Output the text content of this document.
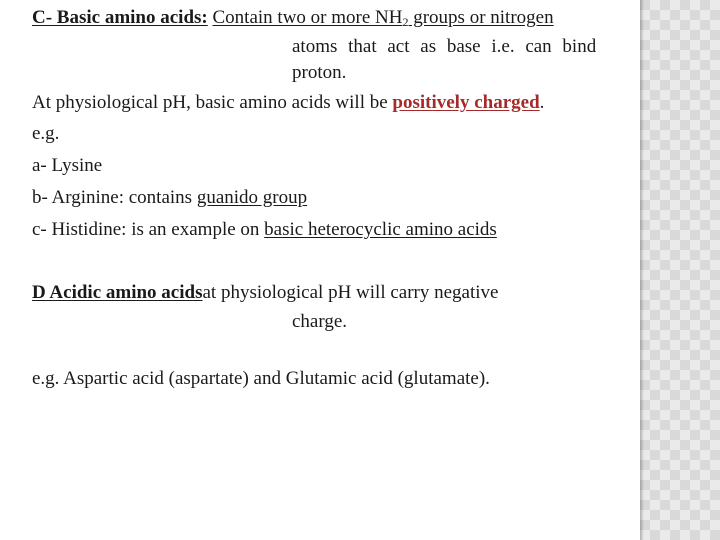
C- Basic amino acids: Contain two or more $NH_2$ groups or nitrogen
atoms that act as base i.e. can bind
proton.
At physiological pH, basic amino acids will be positively charged.
e.g.
a- Lysine
b- Arginine: contains guanido group
c- Histidine: is an example on basic heterocyclic amino acids
D Acidic amino acidsat physiological pH will carry negative
charge.
e.g. Aspartic acid (aspartate) and Glutamic acid (glutamate).
